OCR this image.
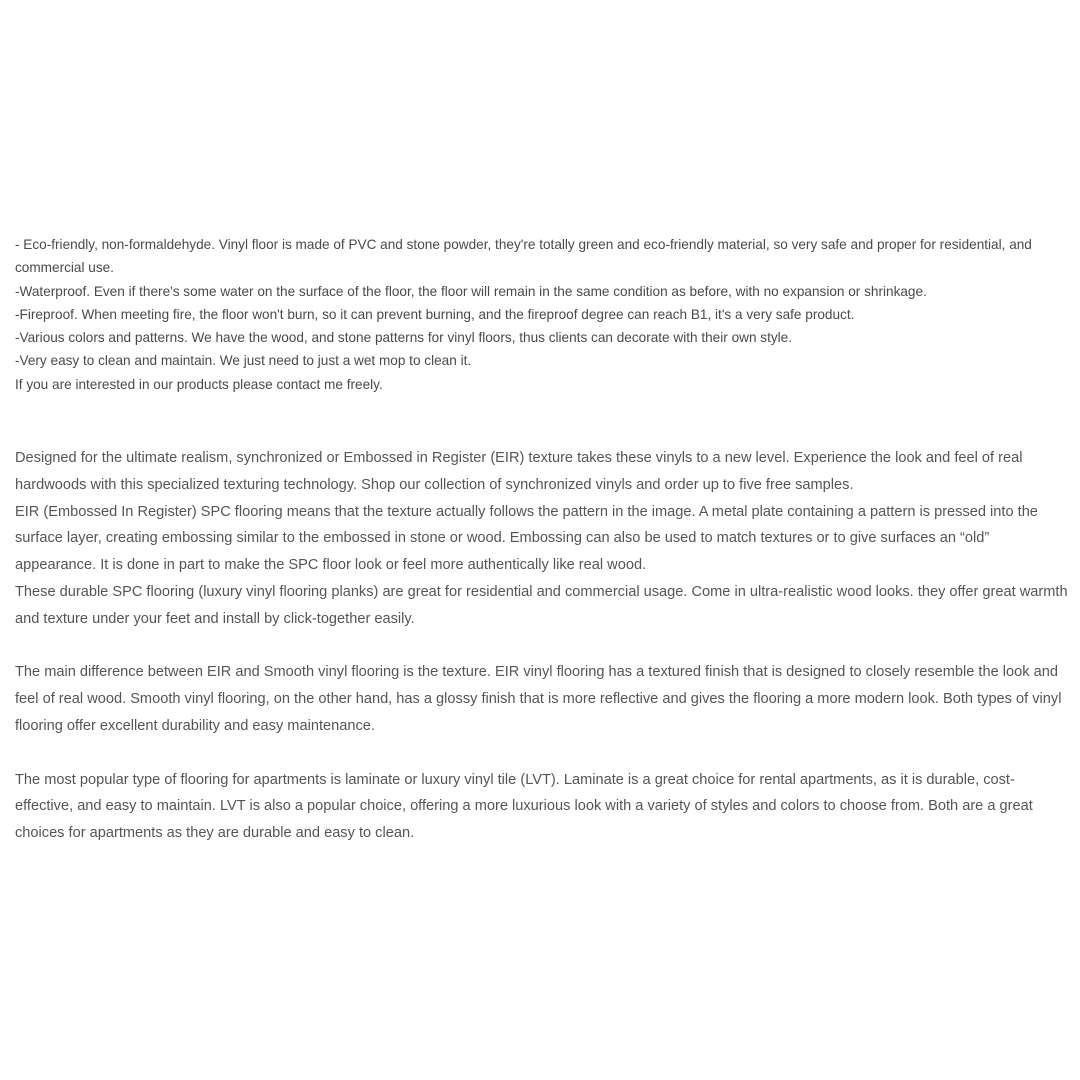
- Eco-friendly, non-formaldehyde. Vinyl floor is made of PVC and stone powder, they're totally green and eco-friendly material, so very safe and proper for residential, and commercial use.

-Waterproof. Even if there's some water on the surface of the floor, the floor will remain in the same condition as before, with no expansion or shrinkage.

-Fireproof. When meeting fire, the floor won't burn, so it can prevent burning, and the fireproof degree can reach B1, it's a very safe product.

-Various colors and patterns. We have the wood, and stone patterns for vinyl floors, thus clients can decorate with their own style.

-Very easy to clean and maintain. We just need to just a wet mop to clean it.

If you are interested in our products please contact me freely.

Designed for the ultimate realism, synchronized or Embossed in Register (EIR) texture takes these vinyls to a new level. Experience the look and feel of real hardwoods with this specialized texturing technology. Shop our collection of synchronized vinyls and order up to five free samples.

EIR (Embossed In Register) SPC flooring means that the texture actually follows the pattern in the image. A metal plate containing a pattern is pressed into the surface layer, creating embossing similar to the embossed in stone or wood. Embossing can also be used to match textures or to give surfaces an “old” appearance. It is done in part to make the SPC floor look or feel more authentically like real wood.

These durable SPC flooring (luxury vinyl flooring planks) are great for residential and commercial usage. Come in ultra-realistic wood looks. they offer great warmth and texture under your feet and install by click-together easily.

The main difference between EIR and Smooth vinyl flooring is the texture. EIR vinyl flooring has a textured finish that is designed to closely resemble the look and feel of real wood. Smooth vinyl flooring, on the other hand, has a glossy finish that is more reflective and gives the flooring a more modern look. Both types of vinyl flooring offer excellent durability and easy maintenance.

The most popular type of flooring for apartments is laminate or luxury vinyl tile (LVT). Laminate is a great choice for rental apartments, as it is durable, cost-effective, and easy to maintain. LVT is also a popular choice, offering a more luxurious look with a variety of styles and colors to choose from. Both are a great choices for apartments as they are durable and easy to clean.
